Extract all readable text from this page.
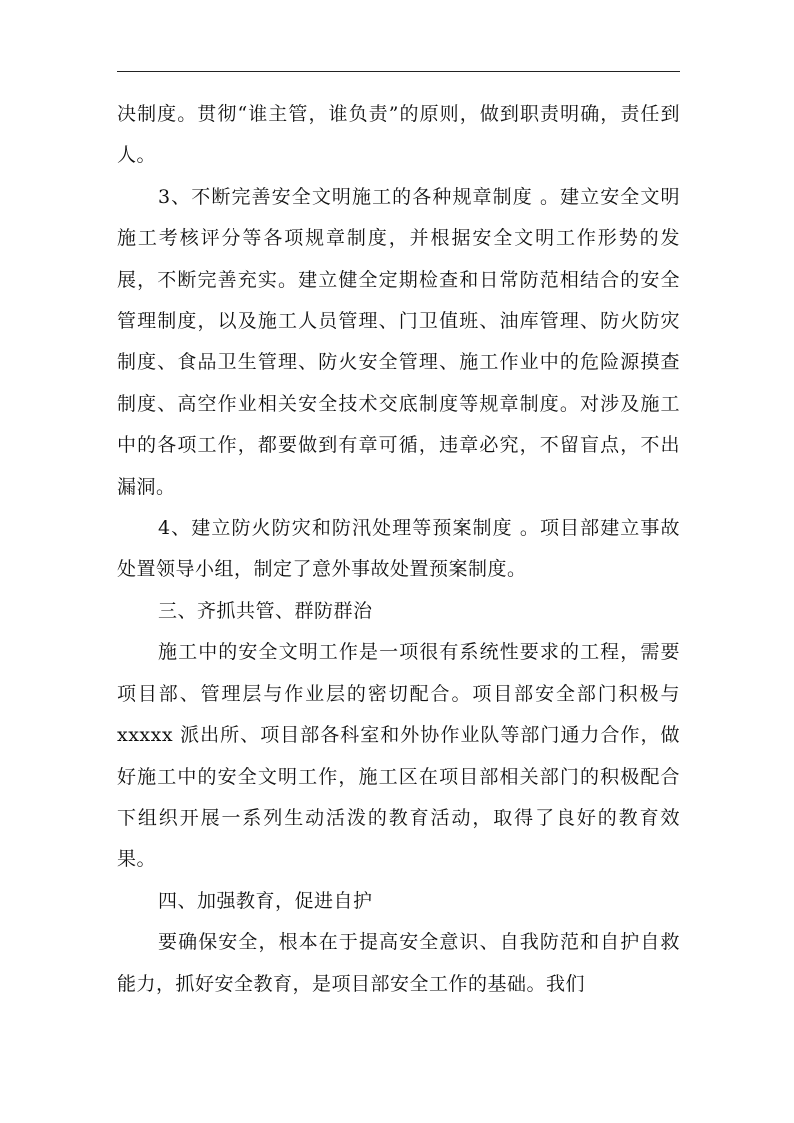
决制度。贯彻“谁主管，谁负责”的原则，做到职责明确，责任到人。

3、不断完善安全文明施工的各种规章制度 。建立安全文明施工考核评分等各项规章制度，并根据安全文明工作形势的发展，不断完善充实。建立健全定期检查和日常防范相结合的安全管理制度，以及施工人员管理、门卫值班、油库管理、防火防灾制度、食品卫生管理、防火安全管理、施工作业中的危险源摸查制度、高空作业相关安全技术交底制度等规章制度。对涉及施工中的各项工作，都要做到有章可循，违章必究，不留盲点，不出漏洞。

4、建立防火防灾和防汛处理等预案制度 。项目部建立事故处置领导小组，制定了意外事故处置预案制度。

三、齐抓共管、群防群治

施工中的安全文明工作是一项很有系统性要求的工程，需要项目部、管理层与作业层的密切配合。项目部安全部门积极与 xxxxx 派出所、项目部各科室和外协作业队等部门通力合作，做好施工中的安全文明工作，施工区在项目部相关部门的积极配合下组织开展一系列生动活泼的教育活动，取得了良好的教育效果。

四、加强教育，促进自护

要确保安全，根本在于提高安全意识、自我防范和自护自救能力，抓好安全教育，是项目部安全工作的基础。我们
